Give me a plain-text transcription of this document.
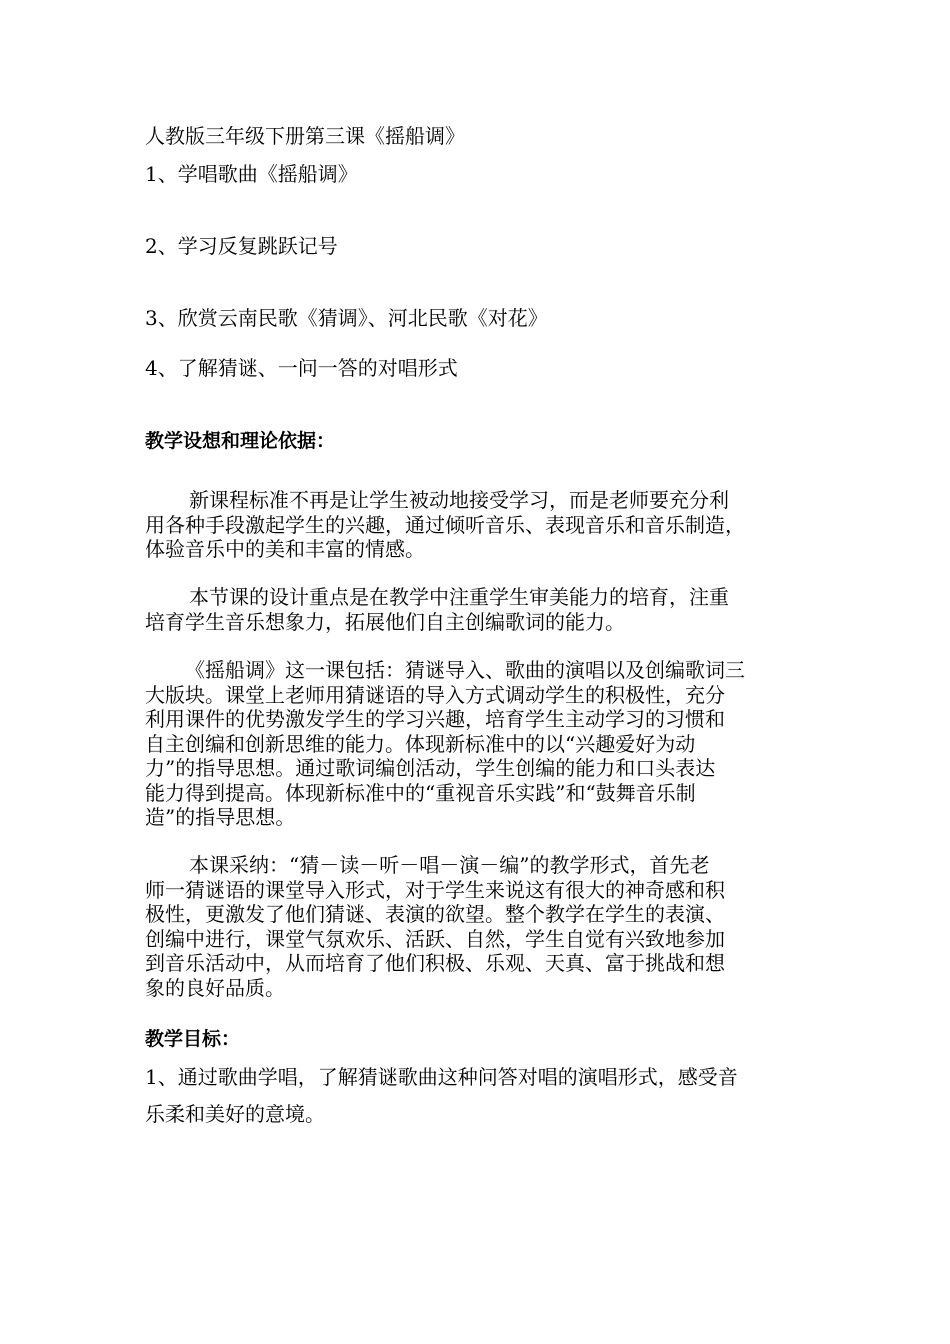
人教版三年级下册第三课《摇船调》
1、学唱歌曲《摇船调》
2、学习反复跳跃记号
3、欣赏云南民歌《猜调》、河北民歌《对花》
4、了解猜谜、一问一答的对唱形式
教学设想和理论依据：
新课程标准不再是让学生被动地接受学习，而是老师要充分利
用各种手段激起学生的兴趣，通过倾听音乐、表现音乐和音乐制造，
体验音乐中的美和丰富的情感。
本节课的设计重点是在教学中注重学生审美能力的培育，注重
培育学生音乐想象力，拓展他们自主创编歌词的能力。
《摇船调》这一课包括：猜谜导入、歌曲的演唱以及创编歌词三
大版块。课堂上老师用猜谜语的导入方式调动学生的积极性，充分
利用课件的优势激发学生的学习兴趣，培育学生主动学习的习惯和
自主创编和创新思维的能力。体现新标准中的以“兴趣爱好为动
力”的指导思想。通过歌词编创活动，学生创编的能力和口头表达
能力得到提高。体现新标准中的“重视音乐实践”和“鼓舞音乐制
造”的指导思想。
本课采纳：“猜－读－听－唱－演－编”的教学形式，首先老
师一猜谜语的课堂导入形式，对于学生来说这有很大的神奇感和积
极性，更激发了他们猜谜、表演的欲望。整个教学在学生的表演、
创编中进行，课堂气氛欢乐、活跃、自然，学生自觉有兴致地参加
到音乐活动中，从而培育了他们积极、乐观、天真、富于挑战和想
象的良好品质。
教学目标：
1、通过歌曲学唱，了解猜谜歌曲这种问答对唱的演唱形式，感受音
乐柔和美好的意境。
